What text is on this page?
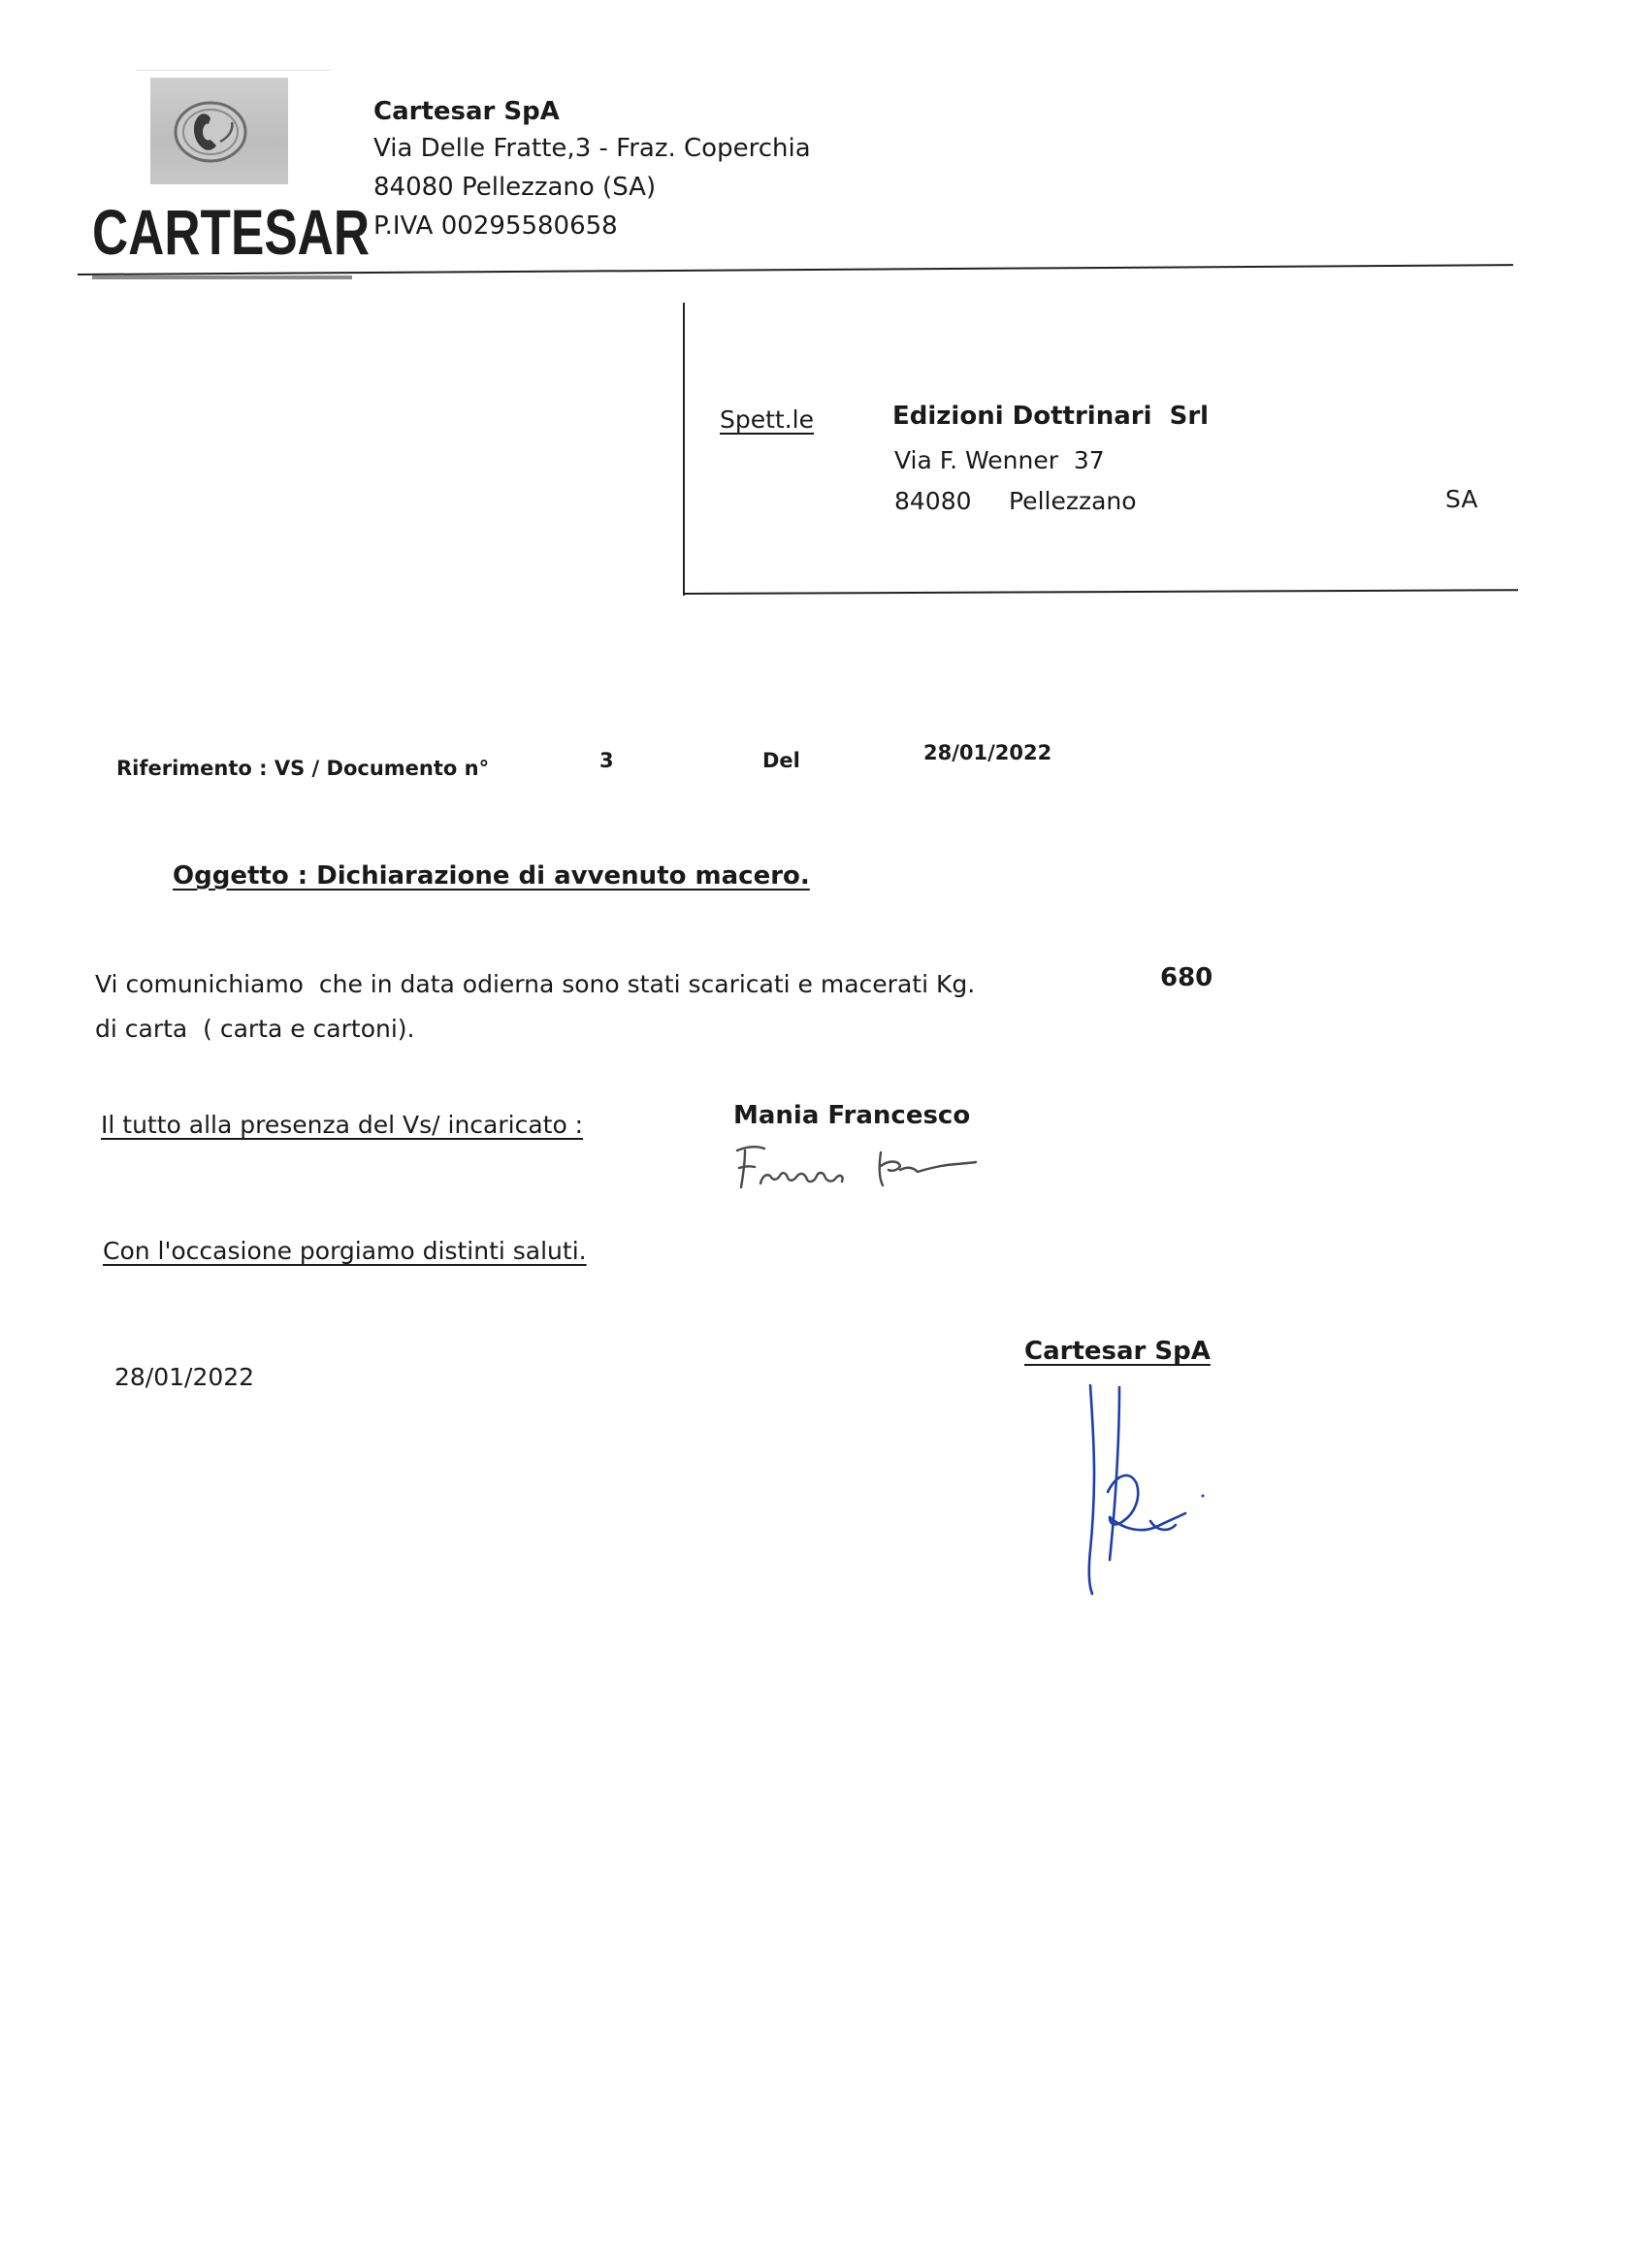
CARTESAR
Cartesar SpA
Via Delle Fratte,3 - Fraz. Coperchia
84080 Pellezzano (SA)
P.IVA 00295580658
Spett.le	Edizioni Dottrinari  Srl
Via F. Wenner  37
84080 Pellezzano	SA
Riferimento : VS / Documento n°	3	Del	28/01/2022
Oggetto : Dichiarazione di avvenuto macero.
Vi comunichiamo  che in data odierna sono stati scaricati e macerati Kg.	680
di carta  ( carta e cartoni).
Il tutto alla presenza del Vs/ incaricato :	Mania Francesco
Con l'occasione porgiamo distinti saluti.
28/01/2022
Cartesar SpA
